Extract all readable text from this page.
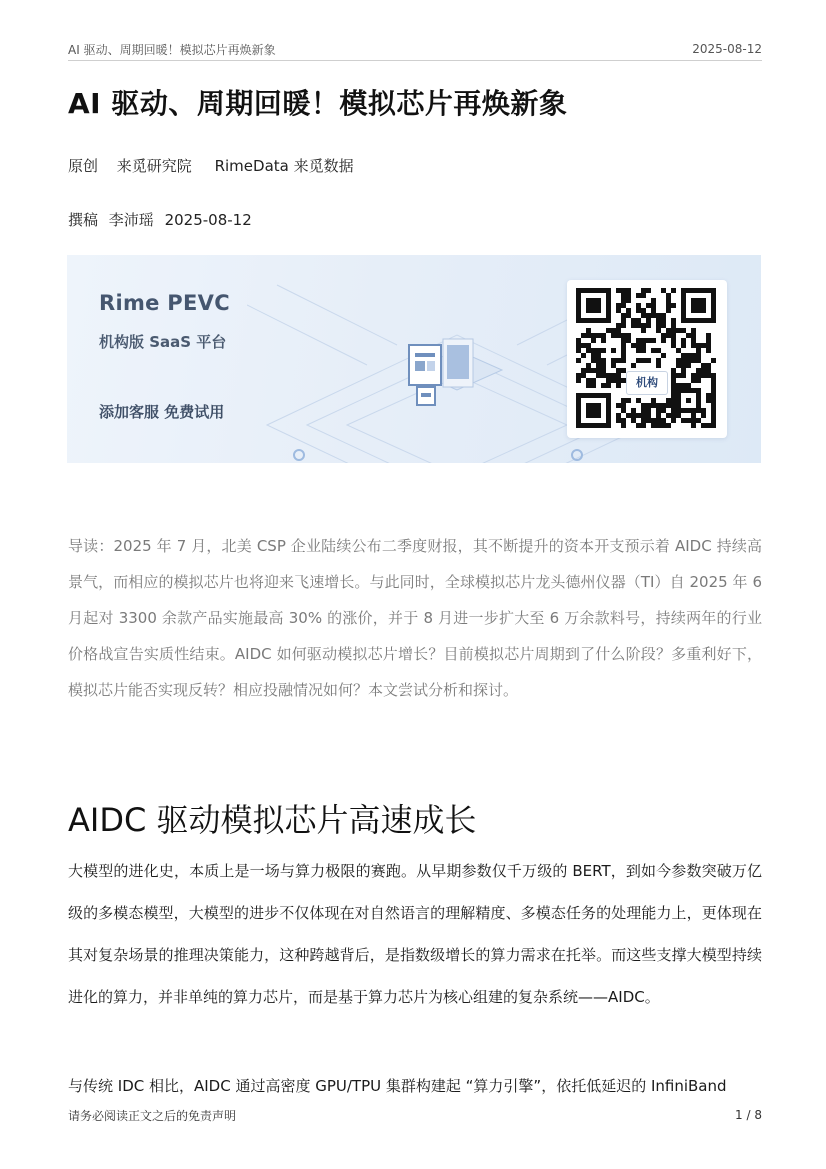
AI 驱动、周期回暖！模拟芯片再焕新象	2025-08-12
AI 驱动、周期回暖！模拟芯片再焕新象
原创 来觅研究院 RimeData 来觅数据
撰稿 李沛瑶 2025-08-12
Rime PEVC
机构版 SaaS 平台
添加客服 免费试用
机构

导读：2025 年 7 月，北美 CSP 企业陆续公布二季度财报，其不断提升的资本开支预示着 AIDC 持续高景气，而相应的模拟芯片也将迎来飞速增长。与此同时，全球模拟芯片龙头德州仪器（TI）自 2025 年 6 月起对 3300 余款产品实施最高 30% 的涨价，并于 8 月进一步扩大至 6 万余款料号，持续两年的行业价格战宣告实质性结束。AIDC 如何驱动模拟芯片增长？目前模拟芯片周期到了什么阶段？多重利好下，模拟芯片能否实现反转？相应投融情况如何？本文尝试分析和探讨。

AIDC 驱动模拟芯片高速成长

大模型的进化史，本质上是一场与算力极限的赛跑。从早期参数仅千万级的 BERT，到如今参数突破万亿级的多模态模型，大模型的进步不仅体现在对自然语言的理解精度、多模态任务的处理能力上，更体现在其对复杂场景的推理决策能力，这种跨越背后，是指数级增长的算力需求在托举。而这些支撑大模型持续进化的算力，并非单纯的算力芯片，而是基于算力芯片为核心组建的复杂系统——AIDC。

与传统 IDC 相比，AIDC 通过高密度 GPU/TPU 集群构建起 “算力引擎”，依托低延迟的 InfiniBand

请务必阅读正文之后的免责声明	1 / 8
